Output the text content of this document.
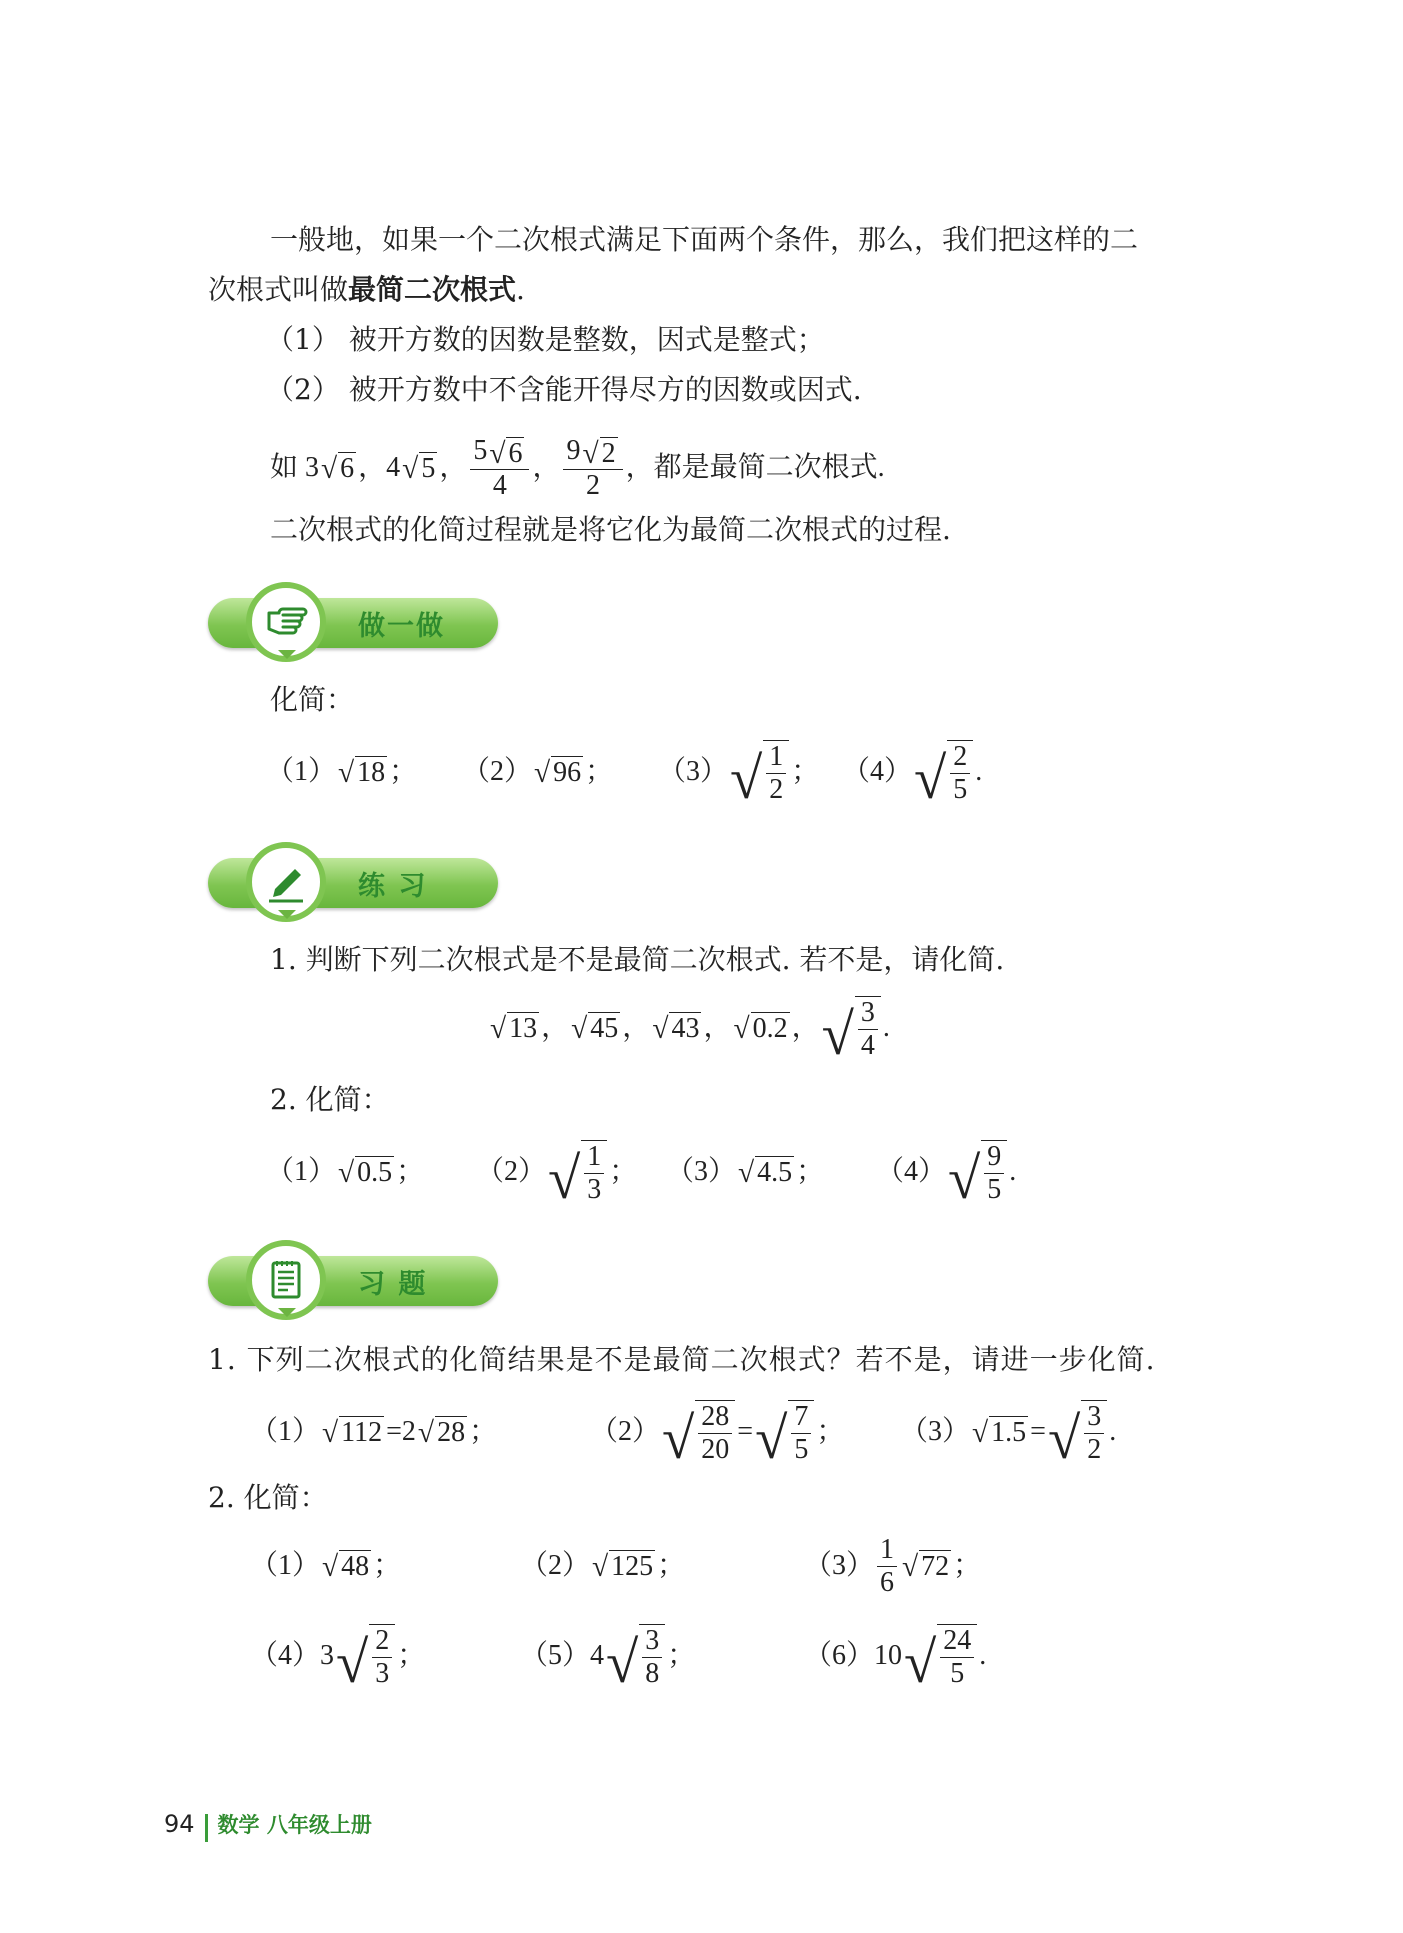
一般地，如果一个二次根式满足下面两个条件，那么，我们把这样的二
次根式叫做最简二次根式.
（1） 被开方数的因数是整数，因式是整式；
（2） 被开方数中不含能开得尽方的因数或因式.
如
3 √ 6 ， 4 √ 5 ， $\frac{5 √ 6}{4}$ ， $\frac{9 √ 2}{2}$ ，都是最简二次根式.
二次根式的化简过程就是将它化为最简二次根式的过程.
做一做
化简：
（1） √ 18 ； （2） √ 96 ； （3） √ $\frac{1}{2}$ ； （4） √ $\frac{2}{5}$ .
练 习
1. 判断下列二次根式是不是最简二次根式. 若不是，请化简.
√ 13 ， √ 45 ， √ 43 ， √ 0.2 ， √ $\frac{3}{4}$ .
2. 化简：
（1） √ 0.5 ； （2） √ $\frac{1}{3}$ ； （3） √ 4.5 ； （4） √ $\frac{9}{5}$ .
习 题
1. 下列二次根式的化简结果是不是最简二次根式？若不是，请进一步化简.
（1） √ 112 = 2 √ 28 ；	（2） √ $\frac{28}{20}$ = √ $\frac{7}{5}$ ； （3） √ 1.5 = √ $\frac{3}{2}$ .
2. 化简：
（1） √ 48 ；	（2） √ 125 ；	$(3) \frac{1}{6}$ √ 72 ；
（4） 3 √ $\frac{2}{3}$ ；	（5） 4 √ $\frac{3}{8}$ ；	（6） 10 √ $\frac{24}{5}$ .
94 数学 八年级上册
